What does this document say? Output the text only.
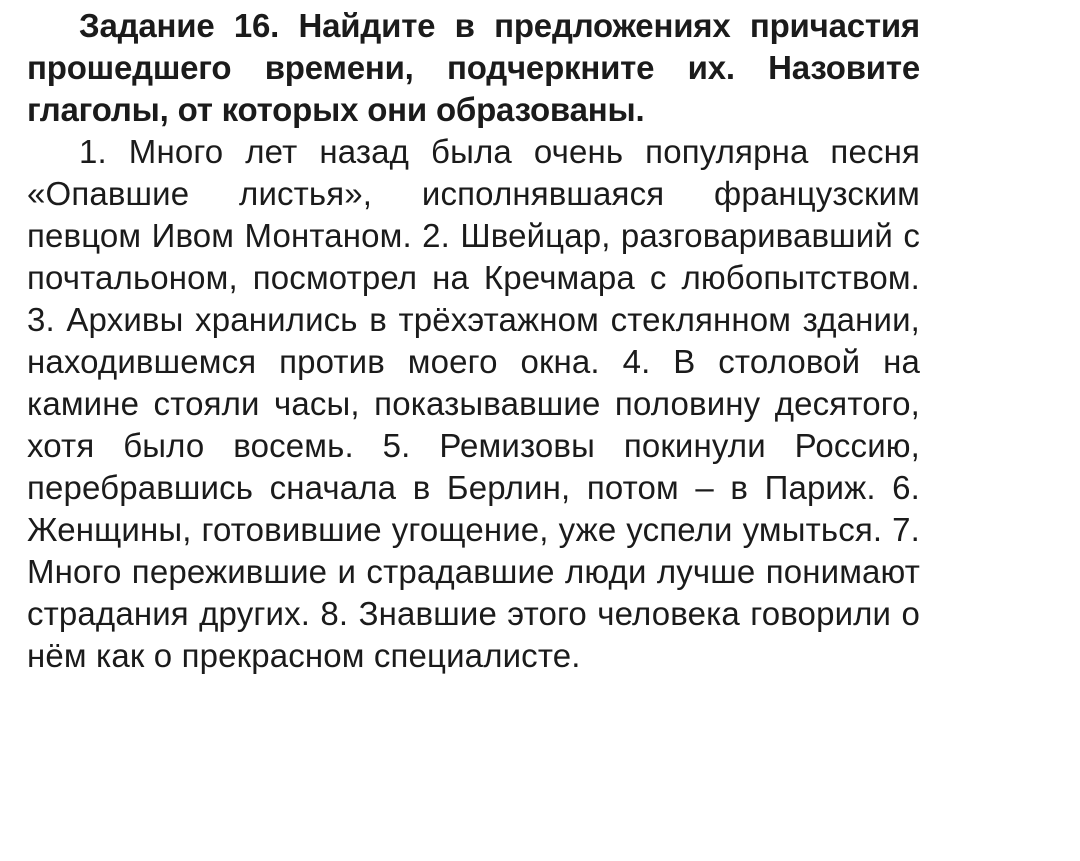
Задание 16. Найдите в предложениях причастия прошедшего времени, подчеркните их. Назовите глаголы, от которых они образованы.

1. Много лет назад была очень популярна песня «Опавшие листья», исполнявшаяся французским певцом Ивом Монтаном. 2. Швейцар, разговаривавший с почтальоном, посмотрел на Кречмара с любопытством. 3. Архивы хранились в трёхэтажном стеклянном здании, находившемся против моего окна. 4. В столовой на камине стояли часы, показывавшие половину десятого, хотя было восемь. 5. Ремизовы покинули Россию, перебравшись сначала в Берлин, потом – в Париж. 6. Женщины, готовившие угощение, уже успели умыться. 7. Много пережившие и страдавшие люди лучше понимают страдания других. 8. Знавшие этого человека говорили о нём как о прекрасном специалисте.
